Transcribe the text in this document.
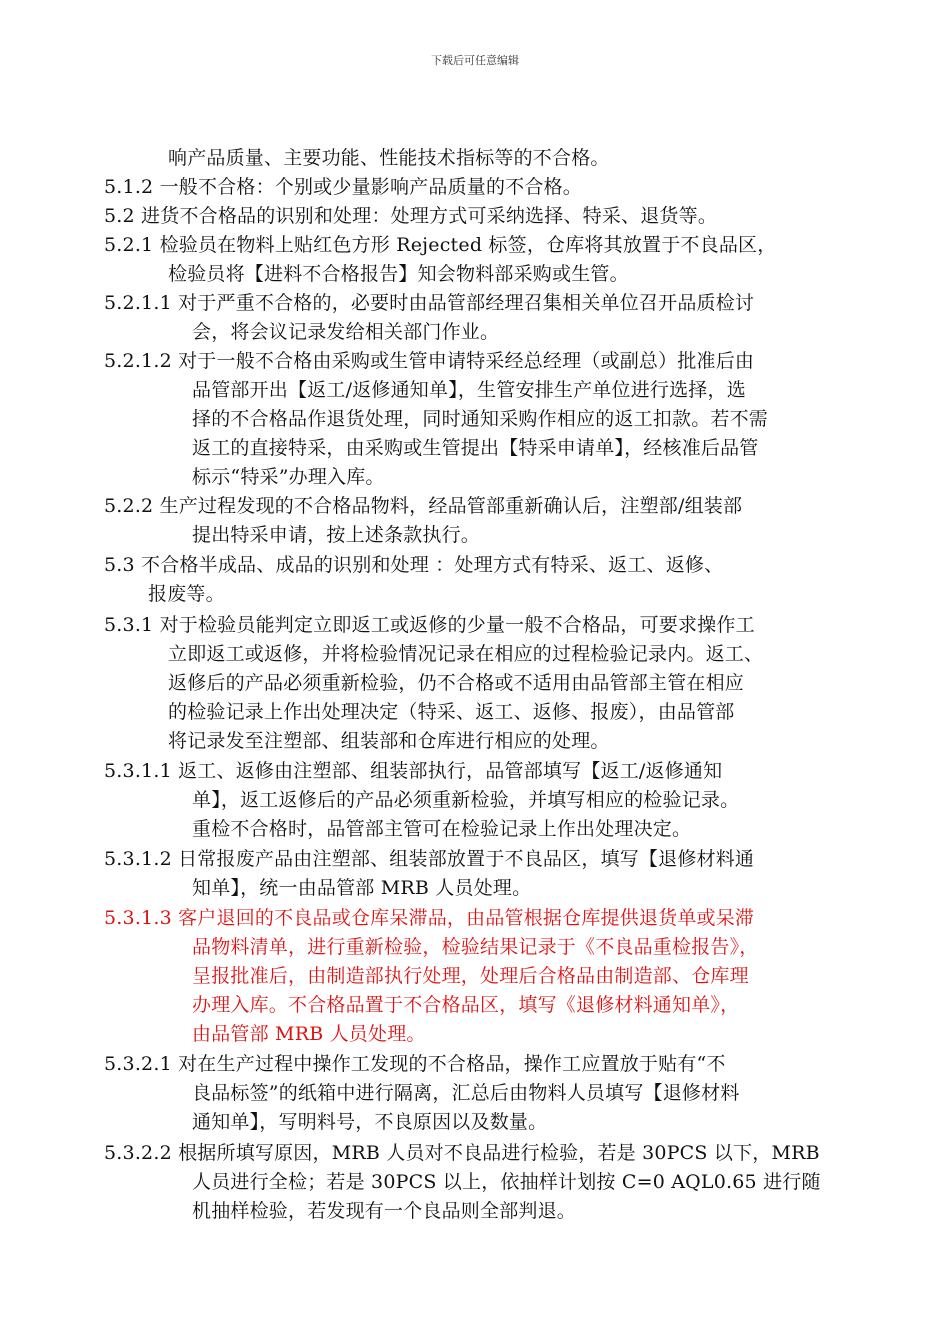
下载后可任意编辑
响产品质量、主要功能、性能技术指标等的不合格。
5.1.2 一般不合格：个别或少量影响产品质量的不合格。
5.2 进货不合格品的识别和处理：处理方式可采纳选择、特采、退货等。
5.2.1 检验员在物料上贴红色方形 Rejected 标签，仓库将其放置于不良品区，
检验员将【进料不合格报告】知会物料部采购或生管。
5.2.1.1 对于严重不合格的，必要时由品管部经理召集相关单位召开品质检讨
会，将会议记录发给相关部门作业。
5.2.1.2 对于一般不合格由采购或生管申请特采经总经理（或副总）批准后由
品管部开出【返工/返修通知单】，生管安排生产单位进行选择，选
择的不合格品作退货处理，同时通知采购作相应的返工扣款。若不需
返工的直接特采，由采购或生管提出【特采申请单】，经核准后品管
标示“特采”办理入库。
5.2.2 生产过程发现的不合格品物料，经品管部重新确认后，注塑部/组装部
提出特采申请，按上述条款执行。
5.3 不合格半成品、成品的识别和处理 ：处理方式有特采、返工、返修、
报废等。
5.3.1 对于检验员能判定立即返工或返修的少量一般不合格品，可要求操作工
立即返工或返修，并将检验情况记录在相应的过程检验记录内。返工、
返修后的产品必须重新检验，仍不合格或不适用由品管部主管在相应
的检验记录上作出处理决定（特采、返工、返修、报废），由品管部
将记录发至注塑部、组装部和仓库进行相应的处理。
5.3.1.1 返工、返修由注塑部、组装部执行，品管部填写【返工/返修通知
单】，返工返修后的产品必须重新检验，并填写相应的检验记录。
重检不合格时，品管部主管可在检验记录上作出处理决定。
5.3.1.2 日常报废产品由注塑部、组装部放置于不良品区，填写【退修材料通
知单】，统一由品管部 MRB 人员处理。
5.3.1.3 客户退回的不良品或仓库呆滞品，由品管根据仓库提供退货单或呆滞
品物料清单，进行重新检验，检验结果记录于《不良品重检报告》，
呈报批准后，由制造部执行处理，处理后合格品由制造部、仓库理
办理入库。不合格品置于不合格品区，填写《退修材料通知单》，
由品管部 MRB 人员处理。
5.3.2.1 对在生产过程中操作工发现的不合格品，操作工应置放于贴有“不
良品标签”的纸箱中进行隔离，汇总后由物料人员填写【退修材料
通知单】，写明料号，不良原因以及数量。
5.3.2.2 根据所填写原因，MRB 人员对不良品进行检验，若是 30PCS 以下，MRB
人员进行全检；若是 30PCS 以上，依抽样计划按 C=0 AQL0.65 进行随
机抽样检验，若发现有一个良品则全部判退。
